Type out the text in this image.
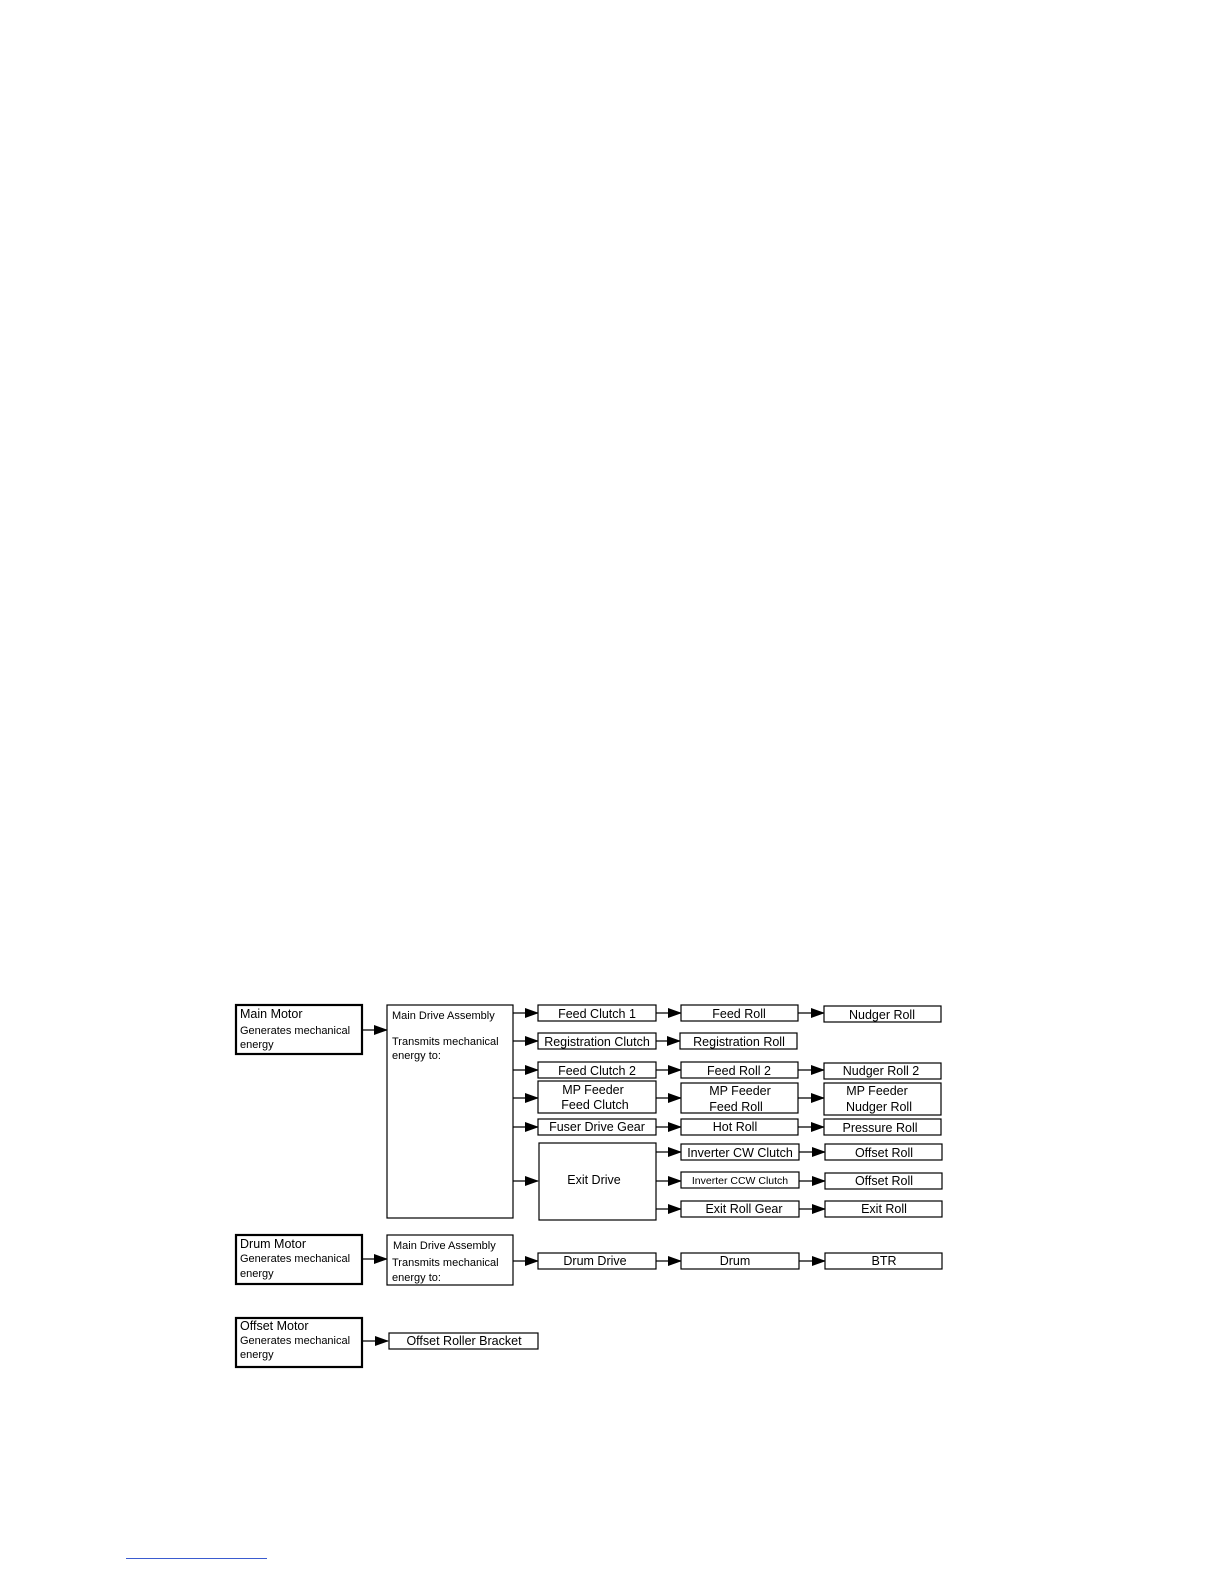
Main Motor
Generates mechanical
energy
Main Drive Assembly
Transmits mechanical
energy to:
Feed Clutch 1
Registration Clutch
Feed Clutch 2
MP Feeder
Feed Clutch
Fuser Drive Gear
Exit Drive
Feed Roll
Registration Roll
Feed Roll 2
MP Feeder
Feed Roll
Hot Roll
Inverter CW Clutch
Inverter CCW Clutch
Exit Roll Gear
Nudger Roll
Nudger Roll 2
MP Feeder
Nudger Roll
Pressure Roll
Offset Roll
Offset Roll
Exit Roll
Drum Motor
Generates mechanical
energy
Main Drive Assembly
Transmits mechanical
energy to:
Drum Drive	Drum	BTR
Offset Motor
Generates mechanical
energy
Offset Roller Bracket
